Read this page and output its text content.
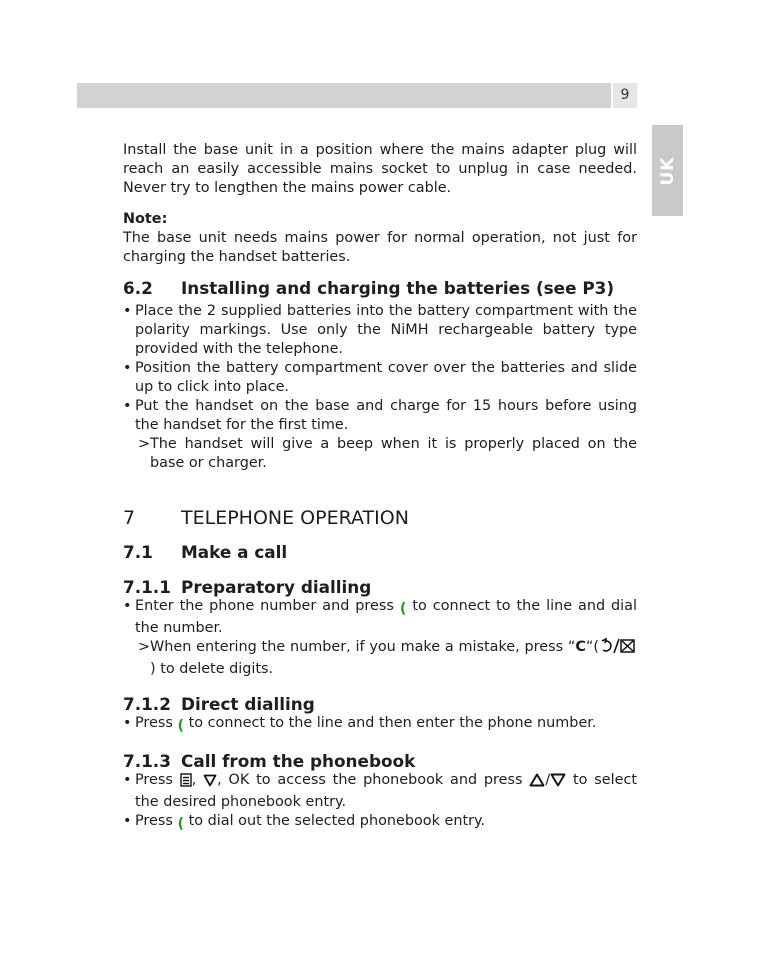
9
UK

Install the base unit in a position where the mains adapter plug will reach an easily accessible mains socket to unplug in case needed. Never try to lengthen the mains power cable.

Note:

The base unit needs mains power for normal operation, not just for charging the handset batteries.

6.2	Installing and charging the batteries (see P3)

• Place the 2 supplied batteries into the battery compartment with the polarity markings. Use only the NiMH rechargeable battery type provided with the telephone.

• Position the battery compartment cover over the batteries and slide up to click into place.

• Put the handset on the base and charge for 15 hours before using the handset for the first time.

> The handset will give a beep when it is properly placed on the base or charger.

7	TELEPHONE OPERATION
7.1	Make a call
7.1.1 Preparatory dialling

• Enter the phone number and press ( to connect to the line and dial the number.

> When entering the number, if you make a mistake, press “C“() to delete digits.

7.1.2 Direct dialling

• Press ( to connect to the line and then enter the phone number.

7.1.3 Call from the phonebook

• Press , , OK to access the phonebook and press / to select the desired phonebook entry.

• Press ( to dial out the selected phonebook entry.
